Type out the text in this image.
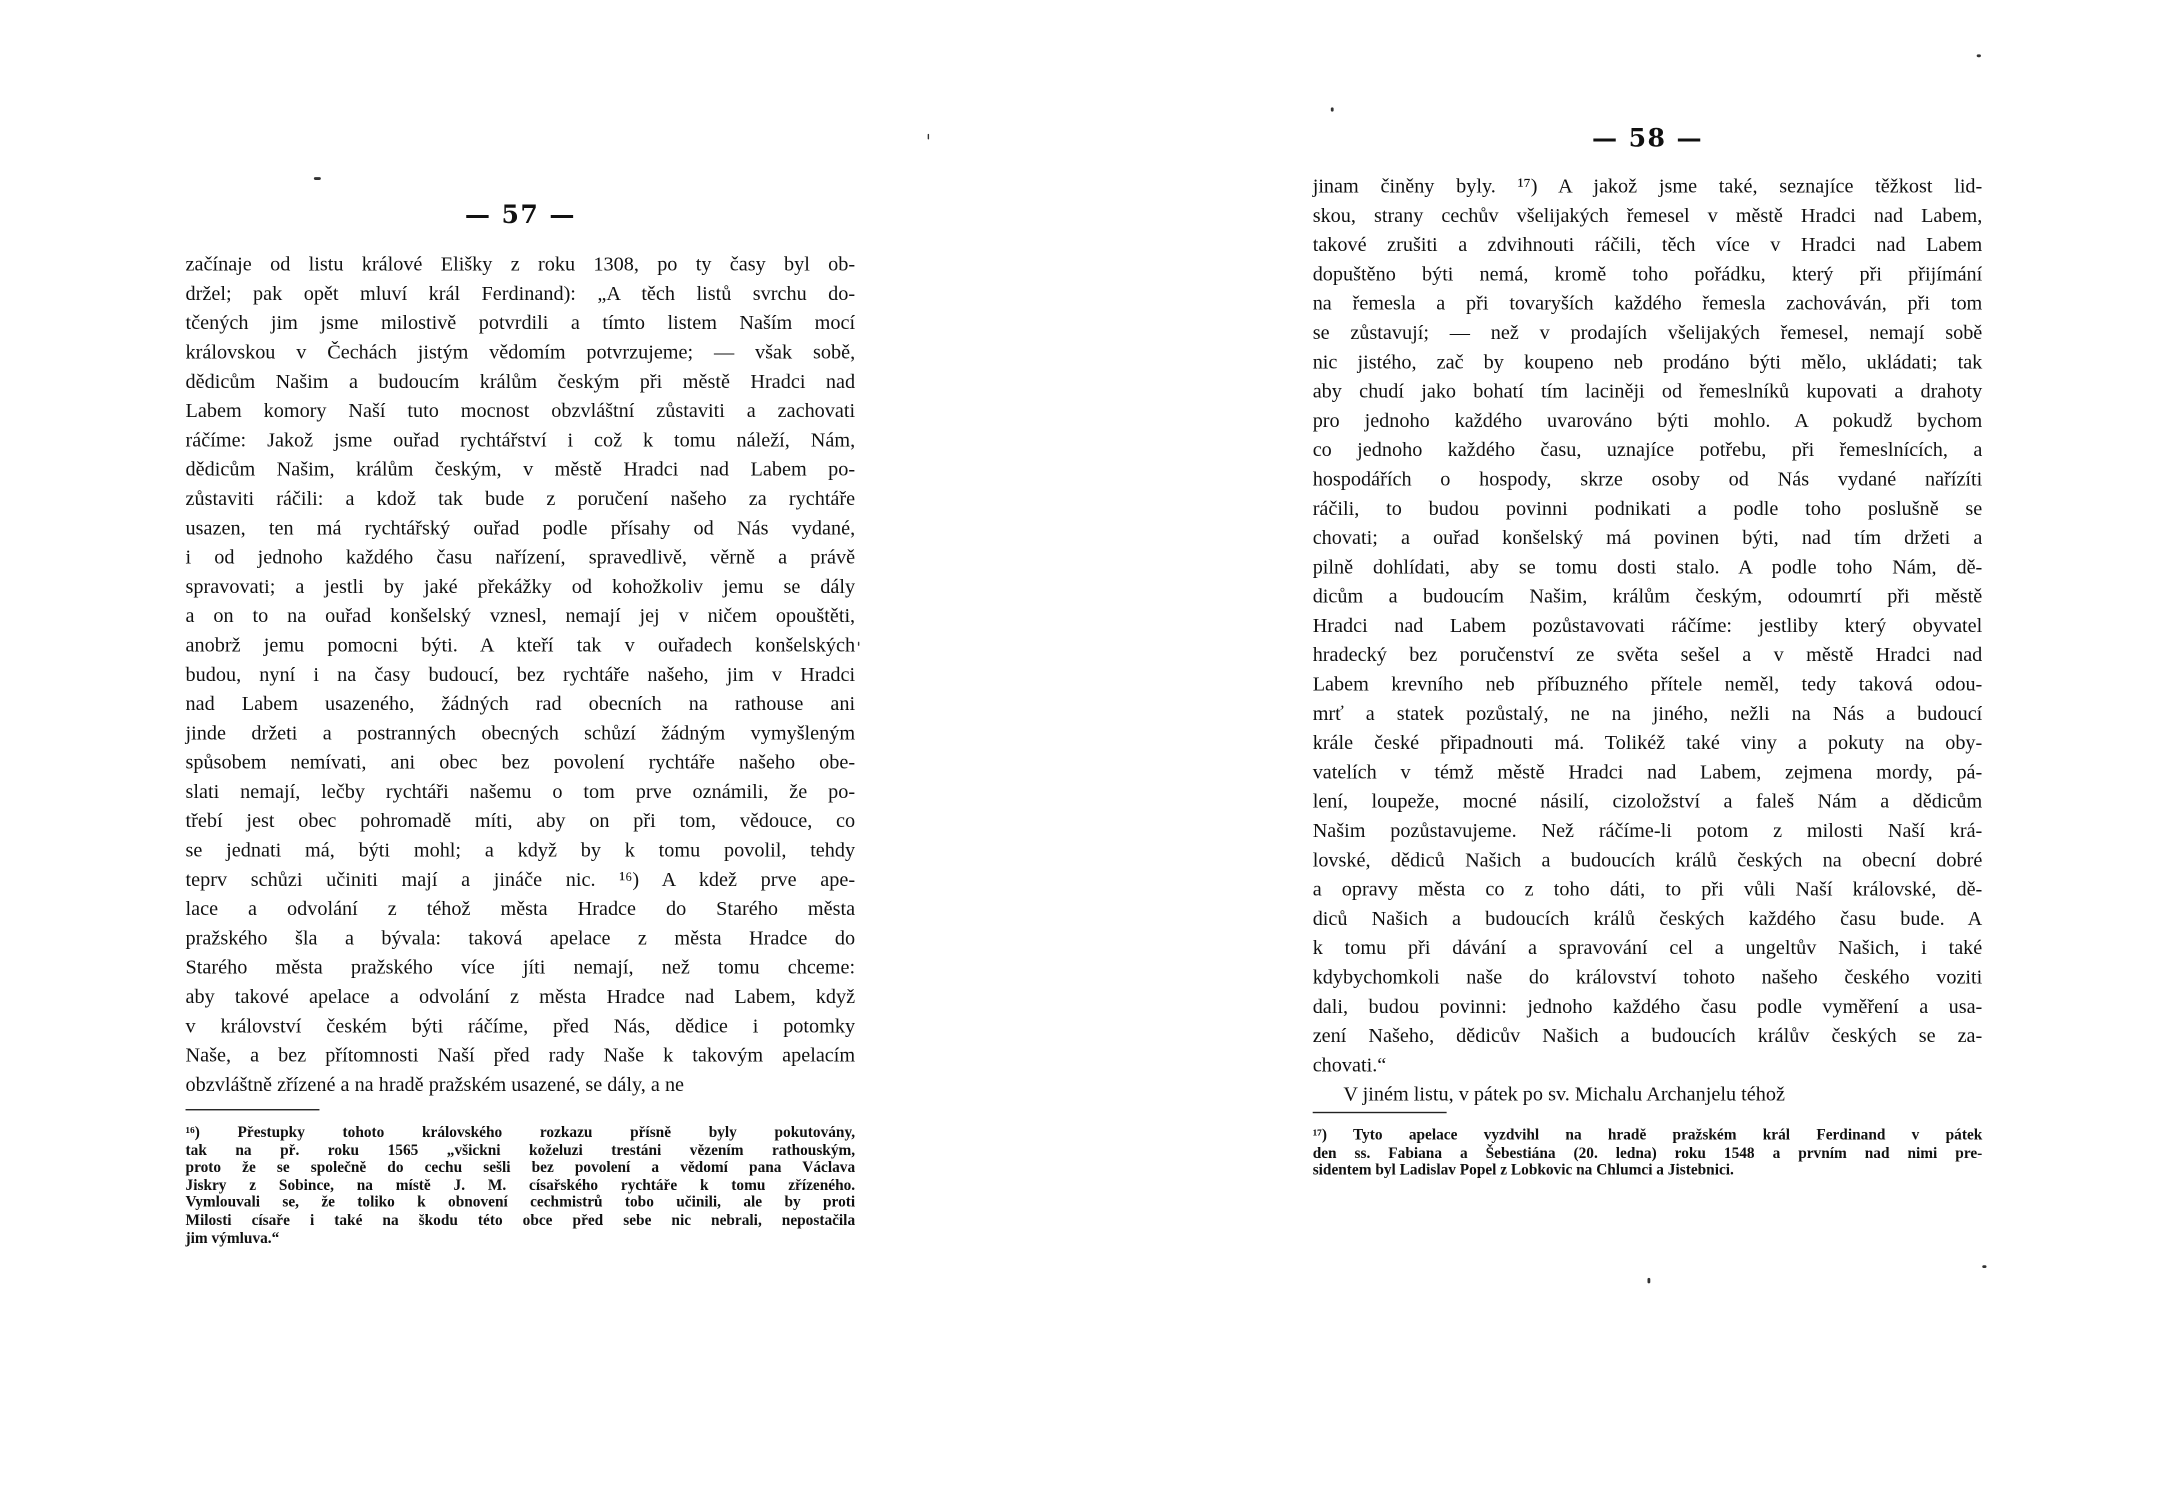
— 57 —
začínaje od listu králové Elišky z roku 1308, po ty časy byl ob-
držel; pak opět mluví král Ferdinand): „A těch listů svrchu do-
tčených jim jsme milostivě potvrdili a tímto listem Naším mocí
královskou v Čechách jistým vědomím potvrzujeme; — však sobě,
dědicům Našim a budoucím králům českým při městě Hradci nad
Labem komory Naší tuto mocnost obzvláštní zůstaviti a zachovati
ráčíme: Jakož jsme ouřad rychtářství i což k tomu náleží, Nám,
dědicům Našim, králům českým, v městě Hradci nad Labem po-
zůstaviti ráčili: a kdož tak bude z poručení našeho za rychtáře
usazen, ten má rychtářský ouřad podle přísahy od Nás vydané,
i od jednoho každého času nařízení, spravedlivě, věrně a právě
spravovati; a jestli by jaké překážky od kohožkoliv jemu se dály
a on to na ouřad konšelský vznesl, nemají jej v ničem opouštěti,
anobrž jemu pomocni býti. A kteří tak v ouřadech konšelských
budou, nyní i na časy budoucí, bez rychtáře našeho, jim v Hradci
nad Labem usazeného, žádných rad obecních na rathouse ani
jinde držeti a postranných obecných schůzí žádným vymyšleným
spůsobem nemívati, ani obec bez povolení rychtáře našeho obe-
slati nemají, lečby rychtáři našemu o tom prve oznámili, že po-
třebí jest obec pohromadě míti, aby on při tom, vědouce, co
se jednati má, býti mohl; a když by k tomu povolil, tehdy
teprv schůzi učiniti mají a jináče nic. ¹⁶) A kdež prve ape-
lace a odvolání z téhož města Hradce do Starého města
pražského šla a bývala: taková apelace z města Hradce do
Starého města pražského více jíti nemají, než tomu chceme:
aby takové apelace a odvolání z města Hradce nad Labem, když
v království českém býti ráčíme, před Nás, dědice i potomky
Naše, a bez přítomnosti Naší před rady Naše k takovým apelacím
obzvláštně zřízené a na hradě pražském usazené, se dály, a ne
¹⁶) Přestupky tohoto královského rozkazu přísně byly pokutovány,
tak na př. roku 1565 „všickni koželuzi trestáni vězením rathouským,
proto že se společně do cechu sešli bez povolení a vědomí pana Václava
Jiskry z Sobince, na místě J. M. císařského rychtáře k tomu zřízeného.
Vymlouvali se, že toliko k obnovení cechmistrů tobo učinili, ale by proti
Milosti císaře i také na škodu této obce před sebe nic nebrali, nepostačila
jim výmluva.“
— 58 —
jinam činěny byly. ¹⁷) A jakož jsme také, seznajíce těžkost lid-
skou, strany cechův všelijakých řemesel v městě Hradci nad Labem,
takové zrušiti a zdvihnouti ráčili, těch více v Hradci nad Labem
dopuštěno býti nemá, kromě toho pořádku, který při přijímání
na řemesla a při tovaryších každého řemesla zachováván, při tom
se zůstavují; — než v prodajích všelijakých řemesel, nemají sobě
nic jistého, zač by koupeno neb prodáno býti mělo, ukládati; tak
aby chudí jako bohatí tím laciněji od řemeslníků kupovati a drahoty
pro jednoho každého uvarováno býti mohlo. A pokudž bychom
co jednoho každého času, uznajíce potřebu, při řemeslnících, a
hospodářích o hospody, skrze osoby od Nás vydané nařízíti
ráčili, to budou povinni podnikati a podle toho poslušně se
chovati; a ouřad konšelský má povinen býti, nad tím držeti a
pilně dohlídati, aby se tomu dosti stalo. A podle toho Nám, dě-
dicům a budoucím Našim, králům českým, odoumrtí při městě
Hradci nad Labem pozůstavovati ráčíme: jestliby který obyvatel
hradecký bez poručenství ze světa sešel a v městě Hradci nad
Labem krevního neb příbuzného přítele neměl, tedy taková odou-
mrť a statek pozůstalý, ne na jiného, nežli na Nás a budoucí
krále české připadnouti má. Tolikéž také viny a pokuty na oby-
vatelích v témž městě Hradci nad Labem, zejmena mordy, pá-
lení, loupeže, mocné násilí, cizoložství a faleš Nám a dědicům
Našim pozůstavujeme. Než ráčíme-li potom z milosti Naší krá-
lovské, dědiců Našich a budoucích králů českých na obecní dobré
a opravy města co z toho dáti, to při vůli Naší královské, dě-
diců Našich a budoucích králů českých každého času bude. A
k tomu při dávání a spravování cel a ungeltův Našich, i také
kdybychomkoli naše do království tohoto našeho českého voziti
dali, budou povinni: jednoho každého času podle vyměření a usa-
zení Našeho, dědicův Našich a budoucích králův českých se za-
chovati.“
V jiném listu, v pátek po sv. Michalu Archanjelu téhož
¹⁷) Tyto apelace vyzdvihl na hradě pražském král Ferdinand v pátek
den ss. Fabiana a Šebestiána (20. ledna) roku 1548 a prvním nad nimi pre-
sidentem byl Ladislav Popel z Lobkovic na Chlumci a Jistebnici.
